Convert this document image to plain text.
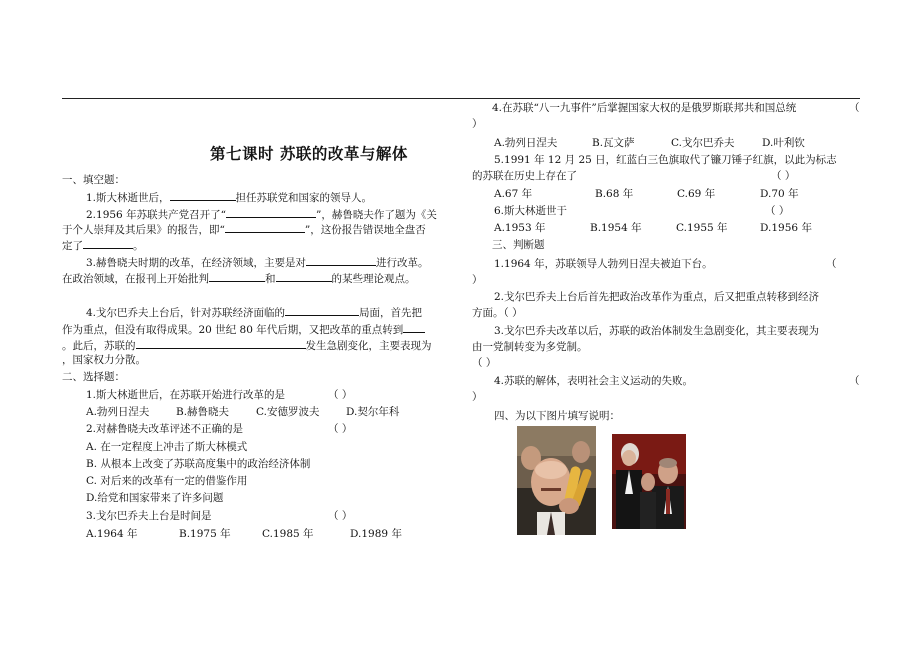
第七课时 苏联的改革与解体
一、填空题：
1.斯大林逝世后，	担任苏联党和国家的领导人。
2.1956 年苏联共产党召开了“	”，赫鲁晓夫作了题为《关
于个人崇拜及其后果》的报告，即“	”，这份报告错误地全盘否
定了	。
3.赫鲁晓夫时期的改革，在经济领域，主要是对	进行改革。
在政治领域，在报刊上开始批判	和	的某些理论观点。
4.戈尔巴乔夫上台后，针对苏联经济面临的	局面，首先把
作为重点，但没有取得成果。20 世纪 80 年代后期，又把改革的重点转到
。此后，苏联的	发生急剧变化，主要表现为
，国家权力分散。
二、选择题：
1.斯大林逝世后，在苏联开始进行改革的是	（ ）
A.勃列日涅夫	B.赫鲁晓夫	C.安德罗波夫	D.契尔年科
2.对赫鲁晓夫改革评述不正确的是	（ ）
A. 在一定程度上冲击了斯大林模式
B. 从根本上改变了苏联高度集中的政治经济体制
C. 对后来的改革有一定的借鉴作用
D.给党和国家带来了许多问题
3.戈尔巴乔夫上台是时间是	（ ）
A.1964 年	B.1975 年	C.1985 年	D.1989 年
4.在苏联“八一九事件”后掌握国家大权的是俄罗斯联邦共和国总统	（
）
A.勃列日涅夫	B.瓦文萨	C.戈尔巴乔夫	D.叶利钦
5.1991 年 12 月 25 日，红蓝白三色旗取代了镰刀锤子红旗，以此为标志
的苏联在历史上存在了	（ ）
A.67 年	B.68 年	C.69 年	D.70 年
6.斯大林逝世于	（ ）
A.1953 年	B.1954 年	C.1955 年	D.1956 年
三、判断题
1.1964 年，苏联领导人勃列日涅夫被迫下台。	（
）
2.戈尔巴乔夫上台后首先把政治改革作为重点，后又把重点转移到经济
方面。（ ）
3.戈尔巴乔夫改革以后，苏联的政治体制发生急剧变化，其主要表现为
由一党制转变为多党制。
（ ）
4.苏联的解体，表明社会主义运动的失败。	（
）
四、为以下图片填写说明：
